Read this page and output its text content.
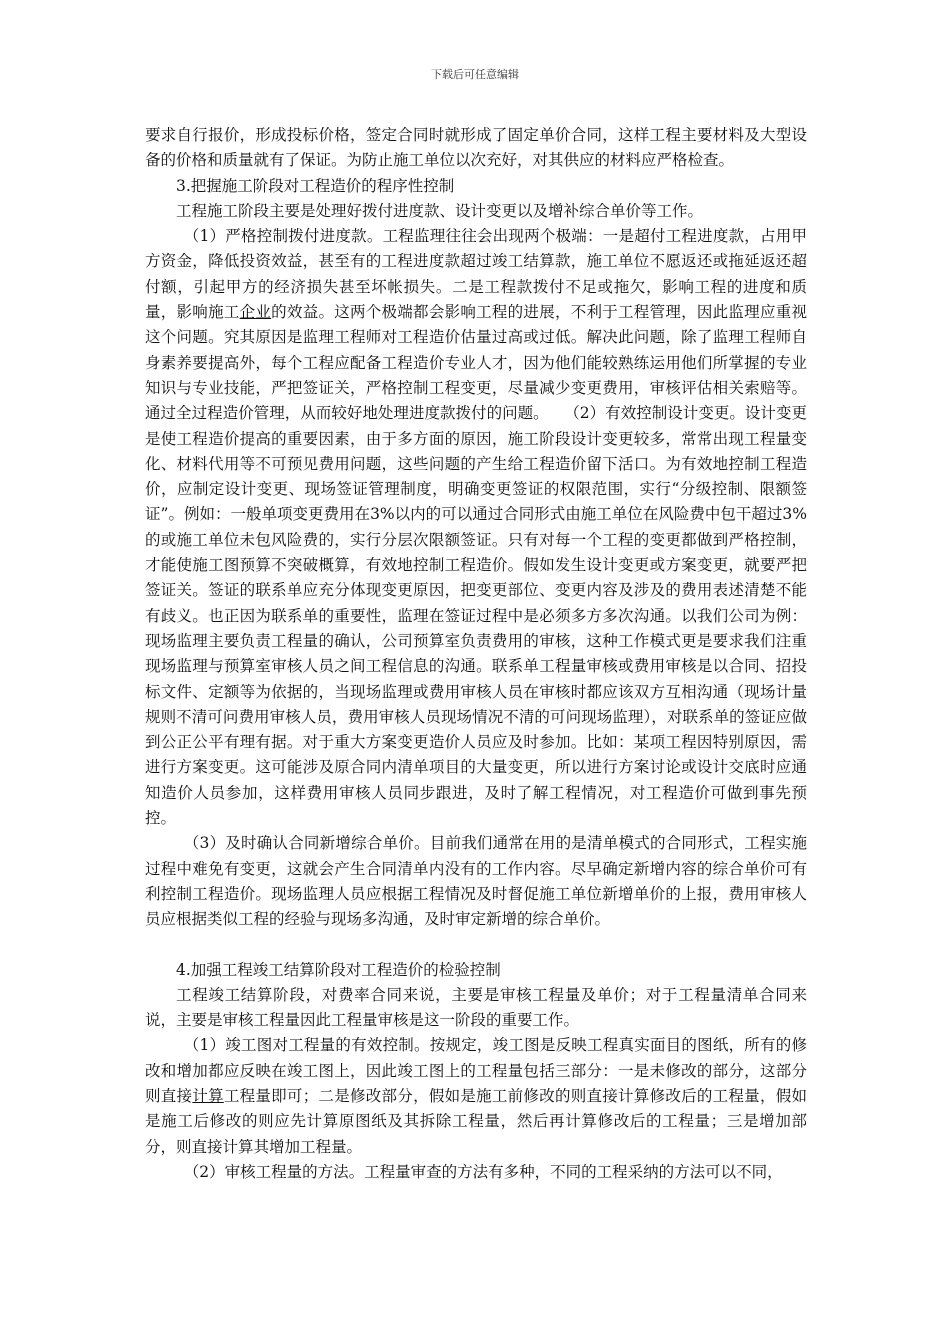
下载后可任意编辑

要求自行报价，形成投标价格，签定合同时就形成了固定单价合同，这样工程主要材料及大型设备的价格和质量就有了保证。为防止施工单位以次充好，对其供应的材料应严格检查。

3.把握施工阶段对工程造价的程序性控制

工程施工阶段主要是处理好拨付进度款、设计变更以及增补综合单价等工作。

（1）严格控制拨付进度款。工程监理往往会出现两个极端：一是超付工程进度款，占用甲方资金，降低投资效益，甚至有的工程进度款超过竣工结算款，施工单位不愿返还或拖延返还超付额，引起甲方的经济损失甚至坏帐损失。二是工程款拨付不足或拖欠，影响工程的进度和质量，影响施工企业的效益。这两个极端都会影响工程的进展，不利于工程管理，因此监理应重视这个问题。究其原因是监理工程师对工程造价估量过高或过低。解决此问题，除了监理工程师自身素养要提高外，每个工程应配备工程造价专业人才，因为他们能较熟练运用他们所掌握的专业知识与专业技能，严把签证关，严格控制工程变更，尽量减少变更费用，审核评估相关索赔等。通过全过程造价管理，从而较好地处理进度款拨付的问题。　　（2）有效控制设计变更。设计变更是使工程造价提高的重要因素，由于多方面的原因，施工阶段设计变更较多，常常出现工程量变化、材料代用等不可预见费用问题，这些问题的产生给工程造价留下活口。为有效地控制工程造价，应制定设计变更、现场签证管理制度，明确变更签证的权限范围，实行“分级控制、限额签证”。例如：一般单项变更费用在3%以内的可以通过合同形式由施工单位在风险费中包干超过3%的或施工单位未包风险费的，实行分层次限额签证。只有对每一个工程的变更都做到严格控制，才能使施工图预算不突破概算，有效地控制工程造价。假如发生设计变更或方案变更，就要严把签证关。签证的联系单应充分体现变更原因，把变更部位、变更内容及涉及的费用表述清楚不能有歧义。也正因为联系单的重要性，监理在签证过程中是必须多方多次沟通。以我们公司为例：现场监理主要负责工程量的确认，公司预算室负责费用的审核，这种工作模式更是要求我们注重现场监理与预算室审核人员之间工程信息的沟通。联系单工程量审核或费用审核是以合同、招投标文件、定额等为依据的，当现场监理或费用审核人员在审核时都应该双方互相沟通（现场计量规则不清可问费用审核人员，费用审核人员现场情况不清的可问现场监理），对联系单的签证应做到公正公平有理有据。对于重大方案变更造价人员应及时参加。比如：某项工程因特别原因，需进行方案变更。这可能涉及原合同内清单项目的大量变更，所以进行方案讨论或设计交底时应通知造价人员参加，这样费用审核人员同步跟进，及时了解工程情况，对工程造价可做到事先预控。

（3）及时确认合同新增综合单价。目前我们通常在用的是清单模式的合同形式，工程实施过程中难免有变更，这就会产生合同清单内没有的工作内容。尽早确定新增内容的综合单价可有利控制工程造价。现场监理人员应根据工程情况及时督促施工单位新增单价的上报，费用审核人员应根据类似工程的经验与现场多沟通，及时审定新增的综合单价。

4.加强工程竣工结算阶段对工程造价的检验控制

工程竣工结算阶段，对费率合同来说，主要是审核工程量及单价；对于工程量清单合同来说，主要是审核工程量因此工程量审核是这一阶段的重要工作。

（1）竣工图对工程量的有效控制。按规定，竣工图是反映工程真实面目的图纸，所有的修改和增加都应反映在竣工图上，因此竣工图上的工程量包括三部分：一是未修改的部分，这部分则直接计算工程量即可；二是修改部分，假如是施工前修改的则直接计算修改后的工程量，假如是施工后修改的则应先计算原图纸及其拆除工程量，然后再计算修改后的工程量；三是增加部分，则直接计算其增加工程量。

（2）审核工程量的方法。工程量审查的方法有多种，不同的工程采纳的方法可以不同，
